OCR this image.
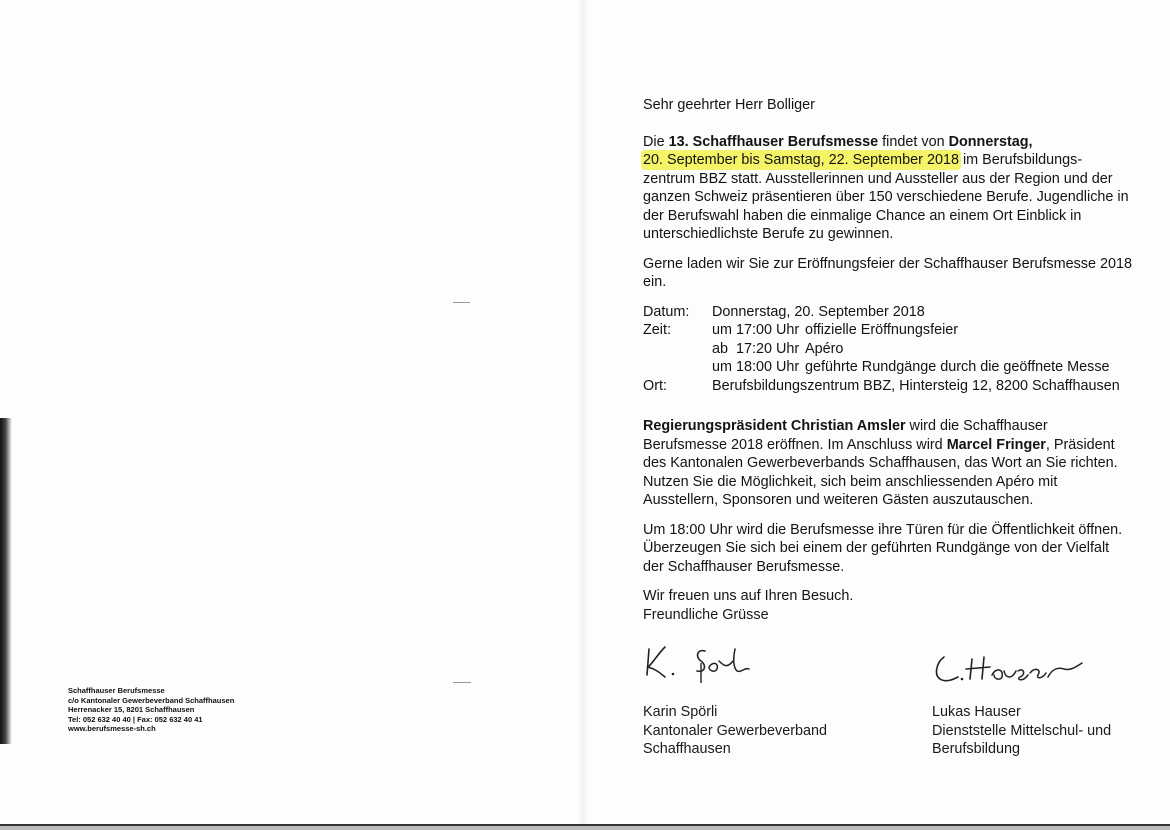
Schaffhauser Berufsmesse
c/o Kantonaler Gewerbeverband Schaffhausen
Herrenacker 15, 8201 Schaffhausen
Tel: 052 632 40 40 | Fax: 052 632 40 41
www.berufsmesse-sh.ch

Sehr geehrter Herr Bolliger

Die 13. Schaffhauser Berufsmesse findet von Donnerstag,
20. September bis Samstag, 22. September 2018 im Berufsbildungs-zentrum BBZ statt. Ausstellerinnen und Aussteller aus der Region und der ganzen Schweiz präsentieren über 150 verschiedene Berufe. Jugendliche in der Berufswahl haben die einmalige Chance an einem Ort Einblick in unterschiedlichste Berufe zu gewinnen.

Gerne laden wir Sie zur Eröffnungsfeier der Schaffhauser Berufsmesse 2018 ein.

Datum:	Donnerstag, 20. September 2018
Zeit:	um 17:00 Uhr offizielle Eröffnungsfeier
ab  17:20 Uhr Apéro
um 18:00 Uhr geführte Rundgänge durch die geöffnete Messe
Ort:	Berufsbildungszentrum BBZ, Hintersteig 12, 8200 Schaffhausen

Regierungspräsident Christian Amsler wird die Schaffhauser Berufsmesse 2018 eröffnen. Im Anschluss wird Marcel Fringer, Präsident des Kantonalen Gewerbeverbands Schaffhausen, das Wort an Sie richten. Nutzen Sie die Möglichkeit, sich beim anschliessenden Apéro mit Ausstellern, Sponsoren und weiteren Gästen auszutauschen.

Um 18:00 Uhr wird die Berufsmesse ihre Türen für die Öffentlichkeit öffnen. Überzeugen Sie sich bei einem der geführten Rundgänge von der Vielfalt der Schaffhauser Berufsmesse.

Wir freuen uns auf Ihren Besuch.

Freundliche Grüsse

Karin Spörli
Kantonaler Gewerbeverband
Schaffhausen
Lukas Hauser
Dienststelle Mittelschul- und
Berufsbildung
